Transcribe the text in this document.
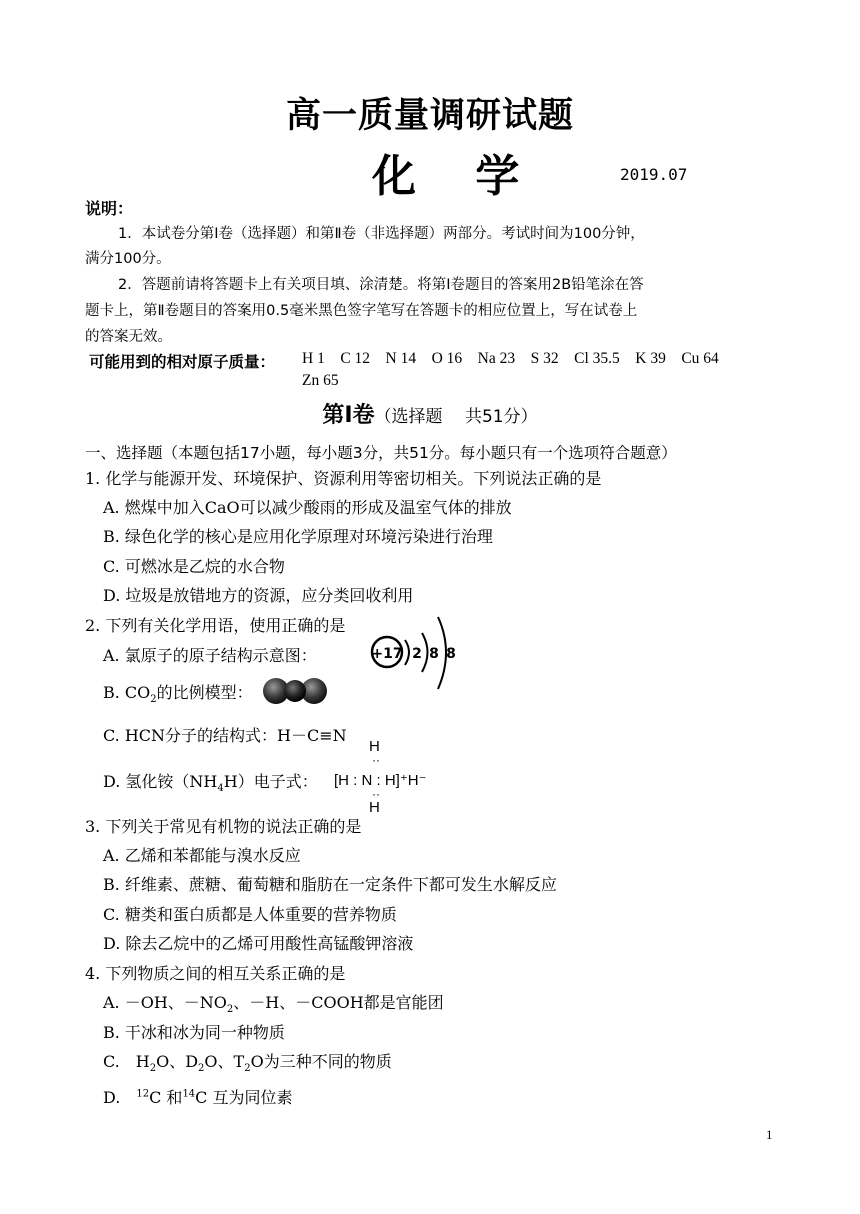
高一质量调研试题
化 学	2019.07
说明：
1．本试卷分第Ⅰ卷（选择题）和第Ⅱ卷（非选择题）两部分。考试时间为100分钟，
满分100分。
2．答题前请将答题卡上有关项目填、涂清楚。将第Ⅰ卷题目的答案用2B铅笔涂在答
题卡上，第Ⅱ卷题目的答案用0.5毫米黑色签字笔写在答题卡的相应位置上，写在试卷上
的答案无效。
可能用到的相对原子质量： H 1    C 12    N 14    O 16    Na 23    S 32    Cl 35.5    K 39    Cu 64
Zn 65
第Ⅰ卷（选择题　 共51分）
一、选择题（本题包括17小题，每小题3分，共51分。每小题只有一个选项符合题意）
1. 化学与能源开发、环境保护、资源利用等密切相关。下列说法正确的是
A. 燃煤中加入CaO可以减少酸雨的形成及温室气体的排放
B. 绿色化学的核心是应用化学原理对环境污染进行治理
C. 可燃冰是乙烷的水合物
D. 垃圾是放错地方的资源，应分类回收利用
2. 下列有关化学用语，使用正确的是
A. 氯原子的原子结构示意图：	+17 2 8 8
B. $CO_2$的比例模型：
C. HCN分子的结构式：H－C≡N
D. 氢化铵$(NH_4H)$电子式：
H
··
[H : N : H]⁺H⁻
··
H
3. 下列关于常见有机物的说法正确的是
A. 乙烯和苯都能与溴水反应
B. 纤维素、蔗糖、葡萄糖和脂肪在一定条件下都可发生水解反应
C. 糖类和蛋白质都是人体重要的营养物质
D. 除去乙烷中的乙烯可用酸性高锰酸钾溶液
4. 下列物质之间的相互关系正确的是
A. －OH、$-NO_2$、－H、－COOH都是官能团
B. 干冰和冰为同一种物质
C.　$H_2O$、$D_2O$、$T_2O$为三种不同的物质
D.　$^{12}$C 和$^{14}$C 互为同位素
1
